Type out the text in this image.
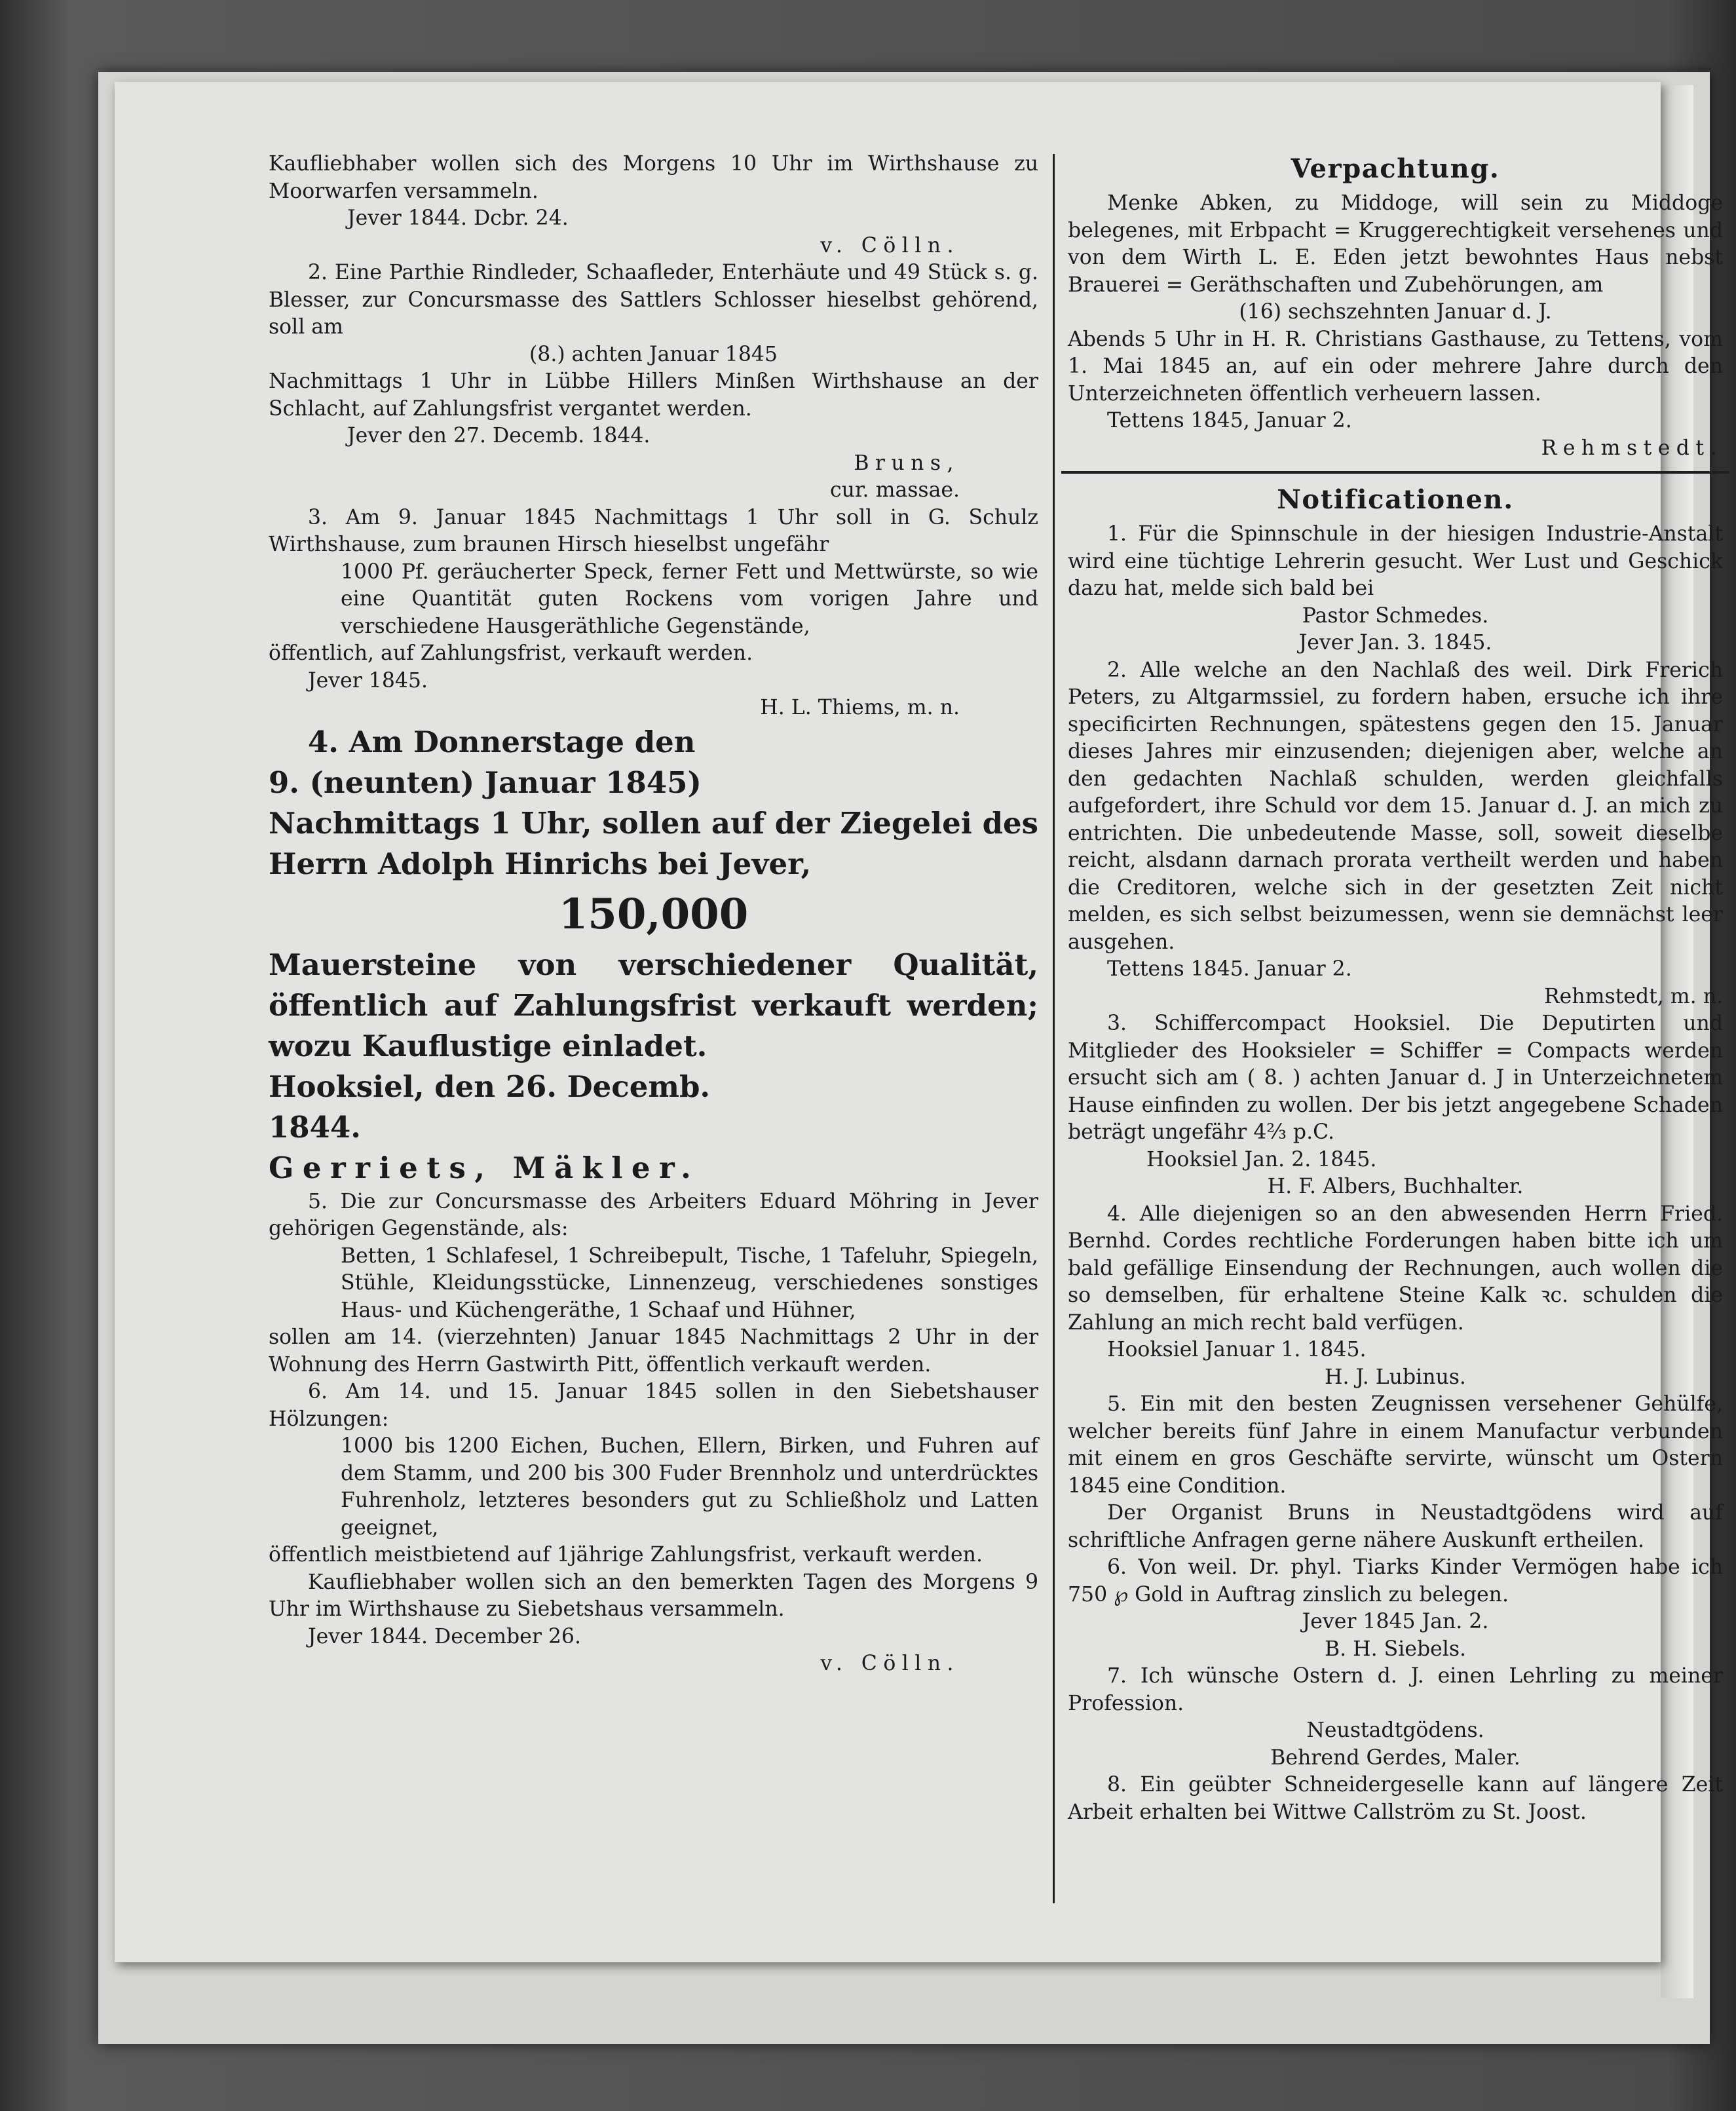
Kaufliebhaber wollen sich des Morgens 10 Uhr im Wirthshause zu Moorwarfen versammeln.

Jever 1844. Dcbr. 24.

v. Cölln.

2. Eine Parthie Rindleder, Schaafleder, Enterhäute und 49 Stück s. g. Blesser, zur Concursmasse des Sattlers Schlosser hieselbst gehörend, soll am

(8.) achten Januar 1845

Nachmittags 1 Uhr in Lübbe Hillers Minßen Wirthshause an der Schlacht, auf Zahlungsfrist vergantet werden.

Jever den 27. Decemb. 1844.

Bruns,

cur. massae.

3. Am 9. Januar 1845 Nachmittags 1 Uhr soll in G. Schulz Wirthshause, zum braunen Hirsch hieselbst ungefähr

1000 Pf. geräucherter Speck, ferner Fett und Mettwürste, so wie eine Quantität guten Rockens vom vorigen Jahre und verschiedene Hausgeräthliche Gegenstände,

öffentlich, auf Zahlungsfrist, verkauft werden.

Jever 1845.

H. L. Thiems, m. n.

4. Am Donnerstage den

9. (neunten) Januar 1845)

Nachmittags 1 Uhr, sollen auf der Ziegelei des Herrn Adolph Hinrichs bei Jever,

150,000

Mauersteine von verschiedener Qualität, öffentlich auf Zahlungsfrist verkauft werden; wozu Kauflustige einladet.

Hooksiel, den 26. Decemb.

1844.

Gerriets, Mäkler.

5. Die zur Concursmasse des Arbeiters Eduard Möhring in Jever gehörigen Gegenstände, als:

Betten, 1 Schlafesel, 1 Schreibepult, Tische, 1 Tafeluhr, Spiegeln, Stühle, Kleidungsstücke, Linnenzeug, verschiedenes sonstiges Haus- und Küchengeräthe, 1 Schaaf und Hühner,

sollen am 14. (vierzehnten) Januar 1845 Nachmittags 2 Uhr in der Wohnung des Herrn Gastwirth Pitt, öffentlich verkauft werden.

6. Am 14. und 15. Januar 1845 sollen in den Siebetshauser Hölzungen:

1000 bis 1200 Eichen, Buchen, Ellern, Birken, und Fuhren auf dem Stamm, und 200 bis 300 Fuder Brennholz und unterdrücktes Fuhrenholz, letzteres besonders gut zu Schließholz und Latten geeignet,

öffentlich meistbietend auf 1jährige Zahlungsfrist, verkauft werden.

Kaufliebhaber wollen sich an den bemerkten Tagen des Morgens 9 Uhr im Wirthshause zu Siebetshaus versammeln.

Jever 1844. December 26.

v. Cölln.

Verpachtung.

Menke Abken, zu Middoge, will sein zu Middoge belegenes, mit Erbpacht = Kruggerechtigkeit versehenes und von dem Wirth L. E. Eden jetzt bewohntes Haus nebst Brauerei = Geräthschaften und Zubehörungen, am

(16) sechszehnten Januar d. J.

Abends 5 Uhr in H. R. Christians Gasthause, zu Tettens, vom 1. Mai 1845 an, auf ein oder mehrere Jahre durch den Unterzeichneten öffentlich verheuern lassen.

Tettens 1845, Januar 2.

Rehmstedt.

Notificationen.

1. Für die Spinnschule in der hiesigen Industrie-Anstalt wird eine tüchtige Lehrerin gesucht. Wer Lust und Geschick dazu hat, melde sich bald bei

Pastor Schmedes.

Jever Jan. 3. 1845.

2. Alle welche an den Nachlaß des weil. Dirk Frerich Peters, zu Altgarmssiel, zu fordern haben, ersuche ich ihre specificirten Rechnungen, spätestens gegen den 15. Januar dieses Jahres mir einzusenden; diejenigen aber, welche an den gedachten Nachlaß schulden, werden gleichfalls aufgefordert, ihre Schuld vor dem 15. Januar d. J. an mich zu entrichten. Die unbedeutende Masse, soll, soweit dieselbe reicht, alsdann darnach prorata vertheilt werden und haben die Creditoren, welche sich in der gesetzten Zeit nicht melden, es sich selbst beizumessen, wenn sie demnächst leer ausgehen.

Tettens 1845. Januar 2.

Rehmstedt, m. n.

3. Schiffercompact Hooksiel. Die Deputirten und Mitglieder des Hooksieler = Schiffer = Compacts werden ersucht sich am ( 8. ) achten Januar d. J in Unterzeichnetem Hause einfinden zu wollen. Der bis jetzt angegebene Schaden beträgt ungefähr 4⅔ p.C.

Hooksiel Jan. 2. 1845.

H. F. Albers, Buchhalter.

4. Alle diejenigen so an den abwesenden Herrn Fried. Bernhd. Cordes rechtliche Forderungen haben bitte ich um bald gefällige Einsendung der Rechnungen, auch wollen die so demselben, für erhaltene Steine Kalk ꝛc. schulden die Zahlung an mich recht bald verfügen.

Hooksiel Januar 1. 1845.

H. J. Lubinus.

5. Ein mit den besten Zeugnissen versehener Gehülfe, welcher bereits fünf Jahre in einem Manufactur verbunden mit einem en gros Geschäfte servirte, wünscht um Ostern 1845 eine Condition.

Der Organist Bruns in Neustadtgödens wird auf schriftliche Anfragen gerne nähere Auskunft ertheilen.

6. Von weil. Dr. phyl. Tiarks Kinder Vermögen habe ich 750 ℘ Gold in Auftrag zinslich zu belegen.

Jever 1845 Jan. 2.

B. H. Siebels.

7. Ich wünsche Ostern d. J. einen Lehrling zu meiner Profession.

Neustadtgödens.

Behrend Gerdes, Maler.

8. Ein geübter Schneidergeselle kann auf längere Zeit Arbeit erhalten bei Wittwe Callström zu St. Joost.
